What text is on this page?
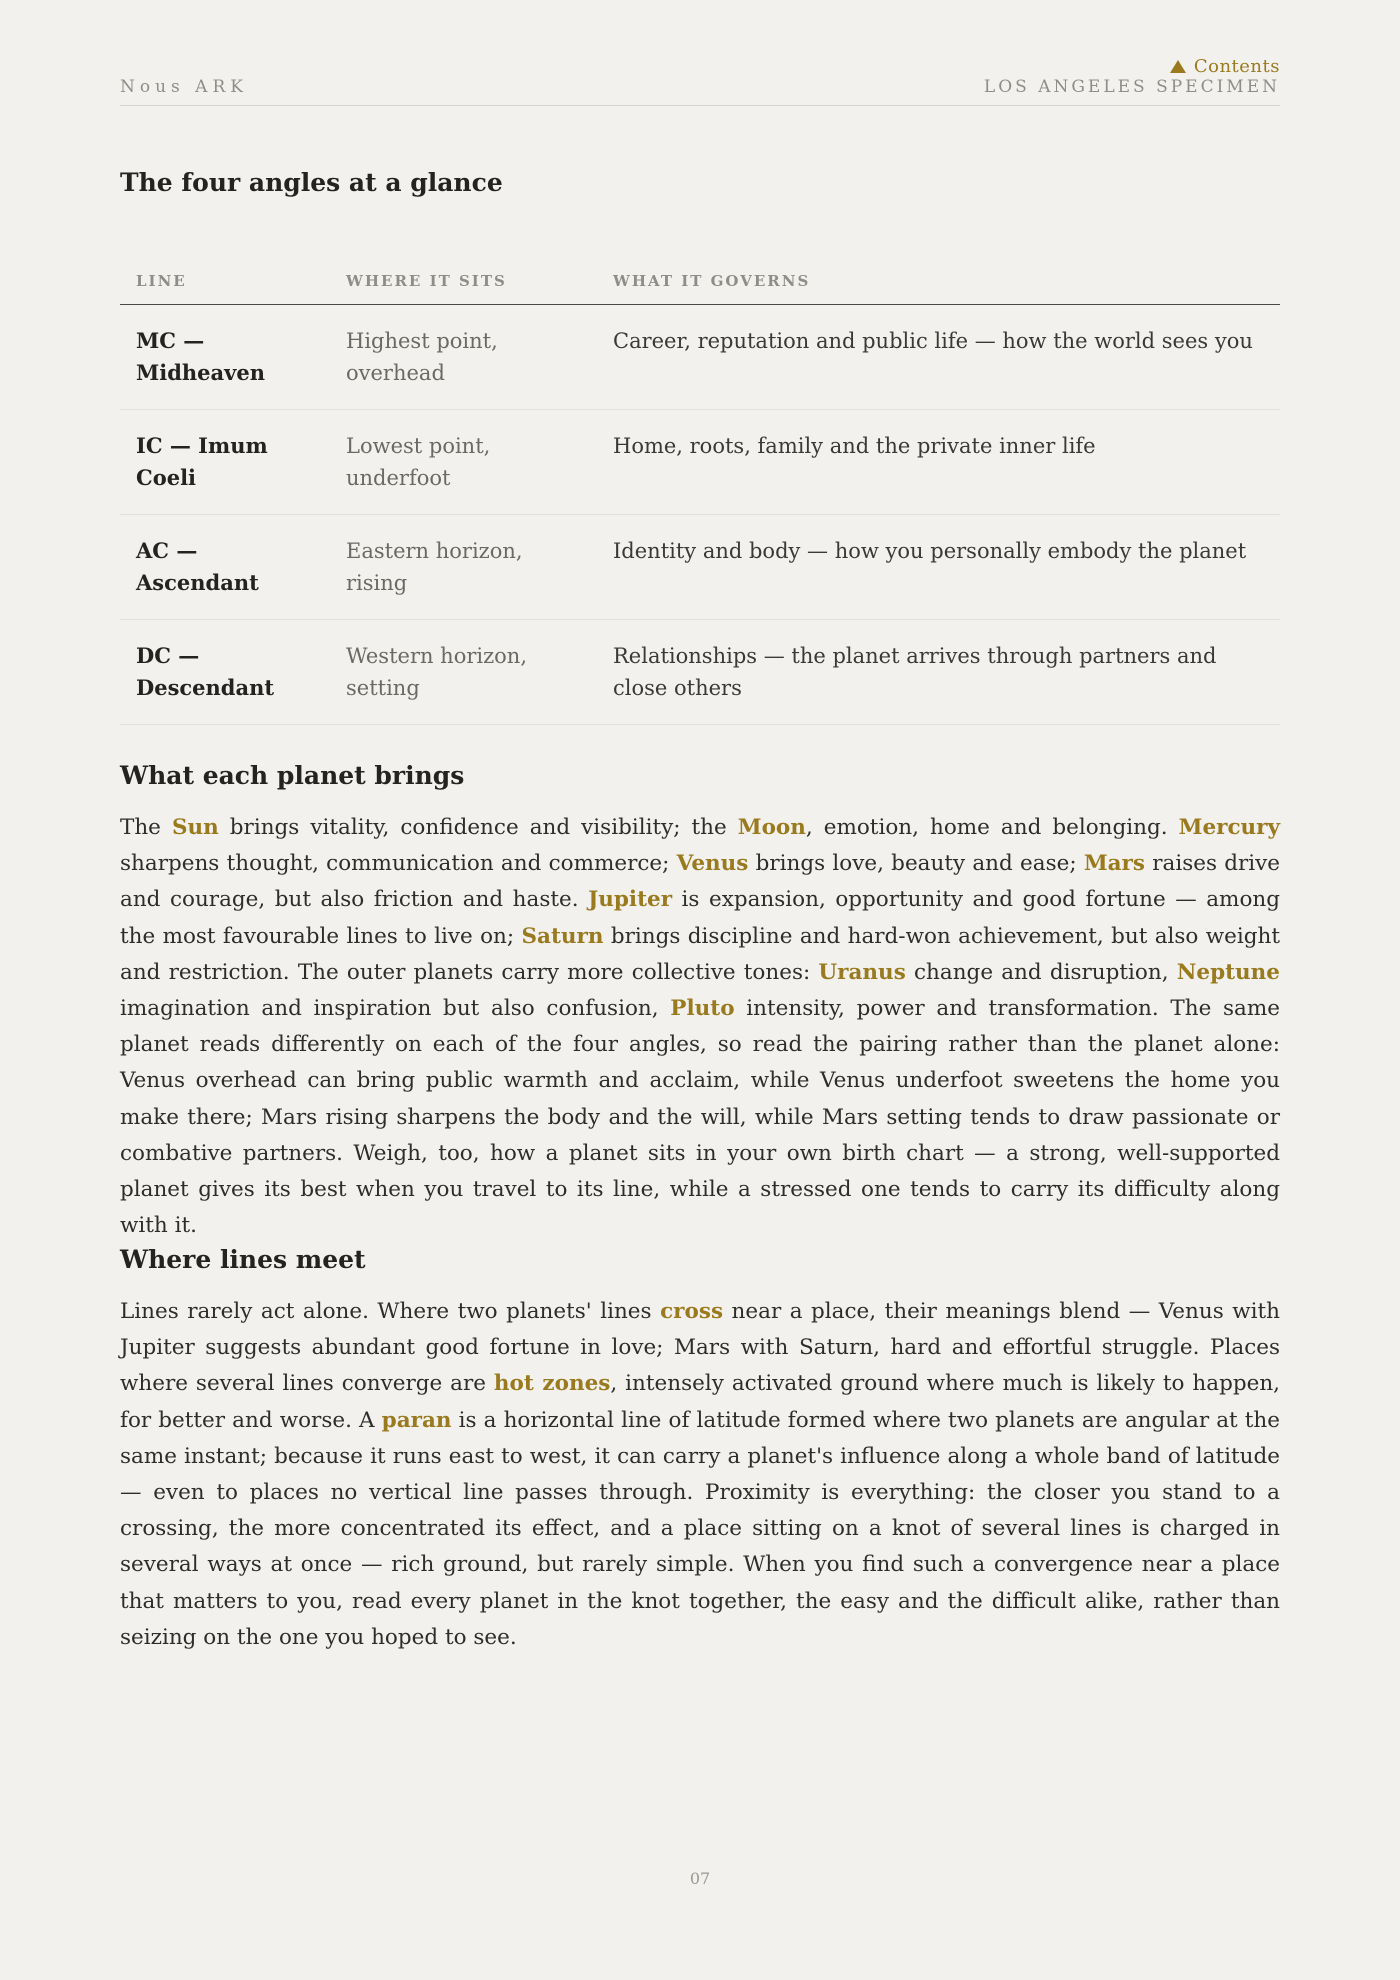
Contents
Nous ARK	LOS ANGELES SPECIMEN
The four angles at a glance
LINE	WHERE IT SITS	WHAT IT GOVERNS
MC — Midheaven	Highest point, overhead	Career, reputation and public life — how the world sees you
IC — Imum Coeli	Lowest point, underfoot	Home, roots, family and the private inner life
AC — Ascendant	Eastern horizon, rising	Identity and body — how you personally embody the planet
DC — Descendant	Western horizon, setting	Relationships — the planet arrives through partners and close others
What each planet brings

The Sun brings vitality, confidence and visibility; the Moon, emotion, home and belonging. Mercury sharpens thought, communication and commerce; Venus brings love, beauty and ease; Mars raises drive and courage, but also friction and haste. Jupiter is expansion, opportunity and good fortune — among the most favourable lines to live on; Saturn brings discipline and hard-won achievement, but also weight and restriction. The outer planets carry more collective tones: Uranus change and disruption, Neptune imagination and inspiration but also confusion, Pluto intensity, power and transformation. The same planet reads differently on each of the four angles, so read the pairing rather than the planet alone: Venus overhead can bring public warmth and acclaim, while Venus underfoot sweetens the home you make there; Mars rising sharpens the body and the will, while Mars setting tends to draw passionate or combative partners. Weigh, too, how a planet sits in your own birth chart — a strong, well-supported planet gives its best when you travel to its line, while a stressed one tends to carry its difficulty along with it.

Where lines meet

Lines rarely act alone. Where two planets' lines cross near a place, their meanings blend — Venus with Jupiter suggests abundant good fortune in love; Mars with Saturn, hard and effortful struggle. Places where several lines converge are hot zones, intensely activated ground where much is likely to happen, for better and worse. A paran is a horizontal line of latitude formed where two planets are angular at the same instant; because it runs east to west, it can carry a planet's influence along a whole band of latitude — even to places no vertical line passes through. Proximity is everything: the closer you stand to a crossing, the more concentrated its effect, and a place sitting on a knot of several lines is charged in several ways at once — rich ground, but rarely simple. When you find such a convergence near a place that matters to you, read every planet in the knot together, the easy and the difficult alike, rather than seizing on the one you hoped to see.

07
